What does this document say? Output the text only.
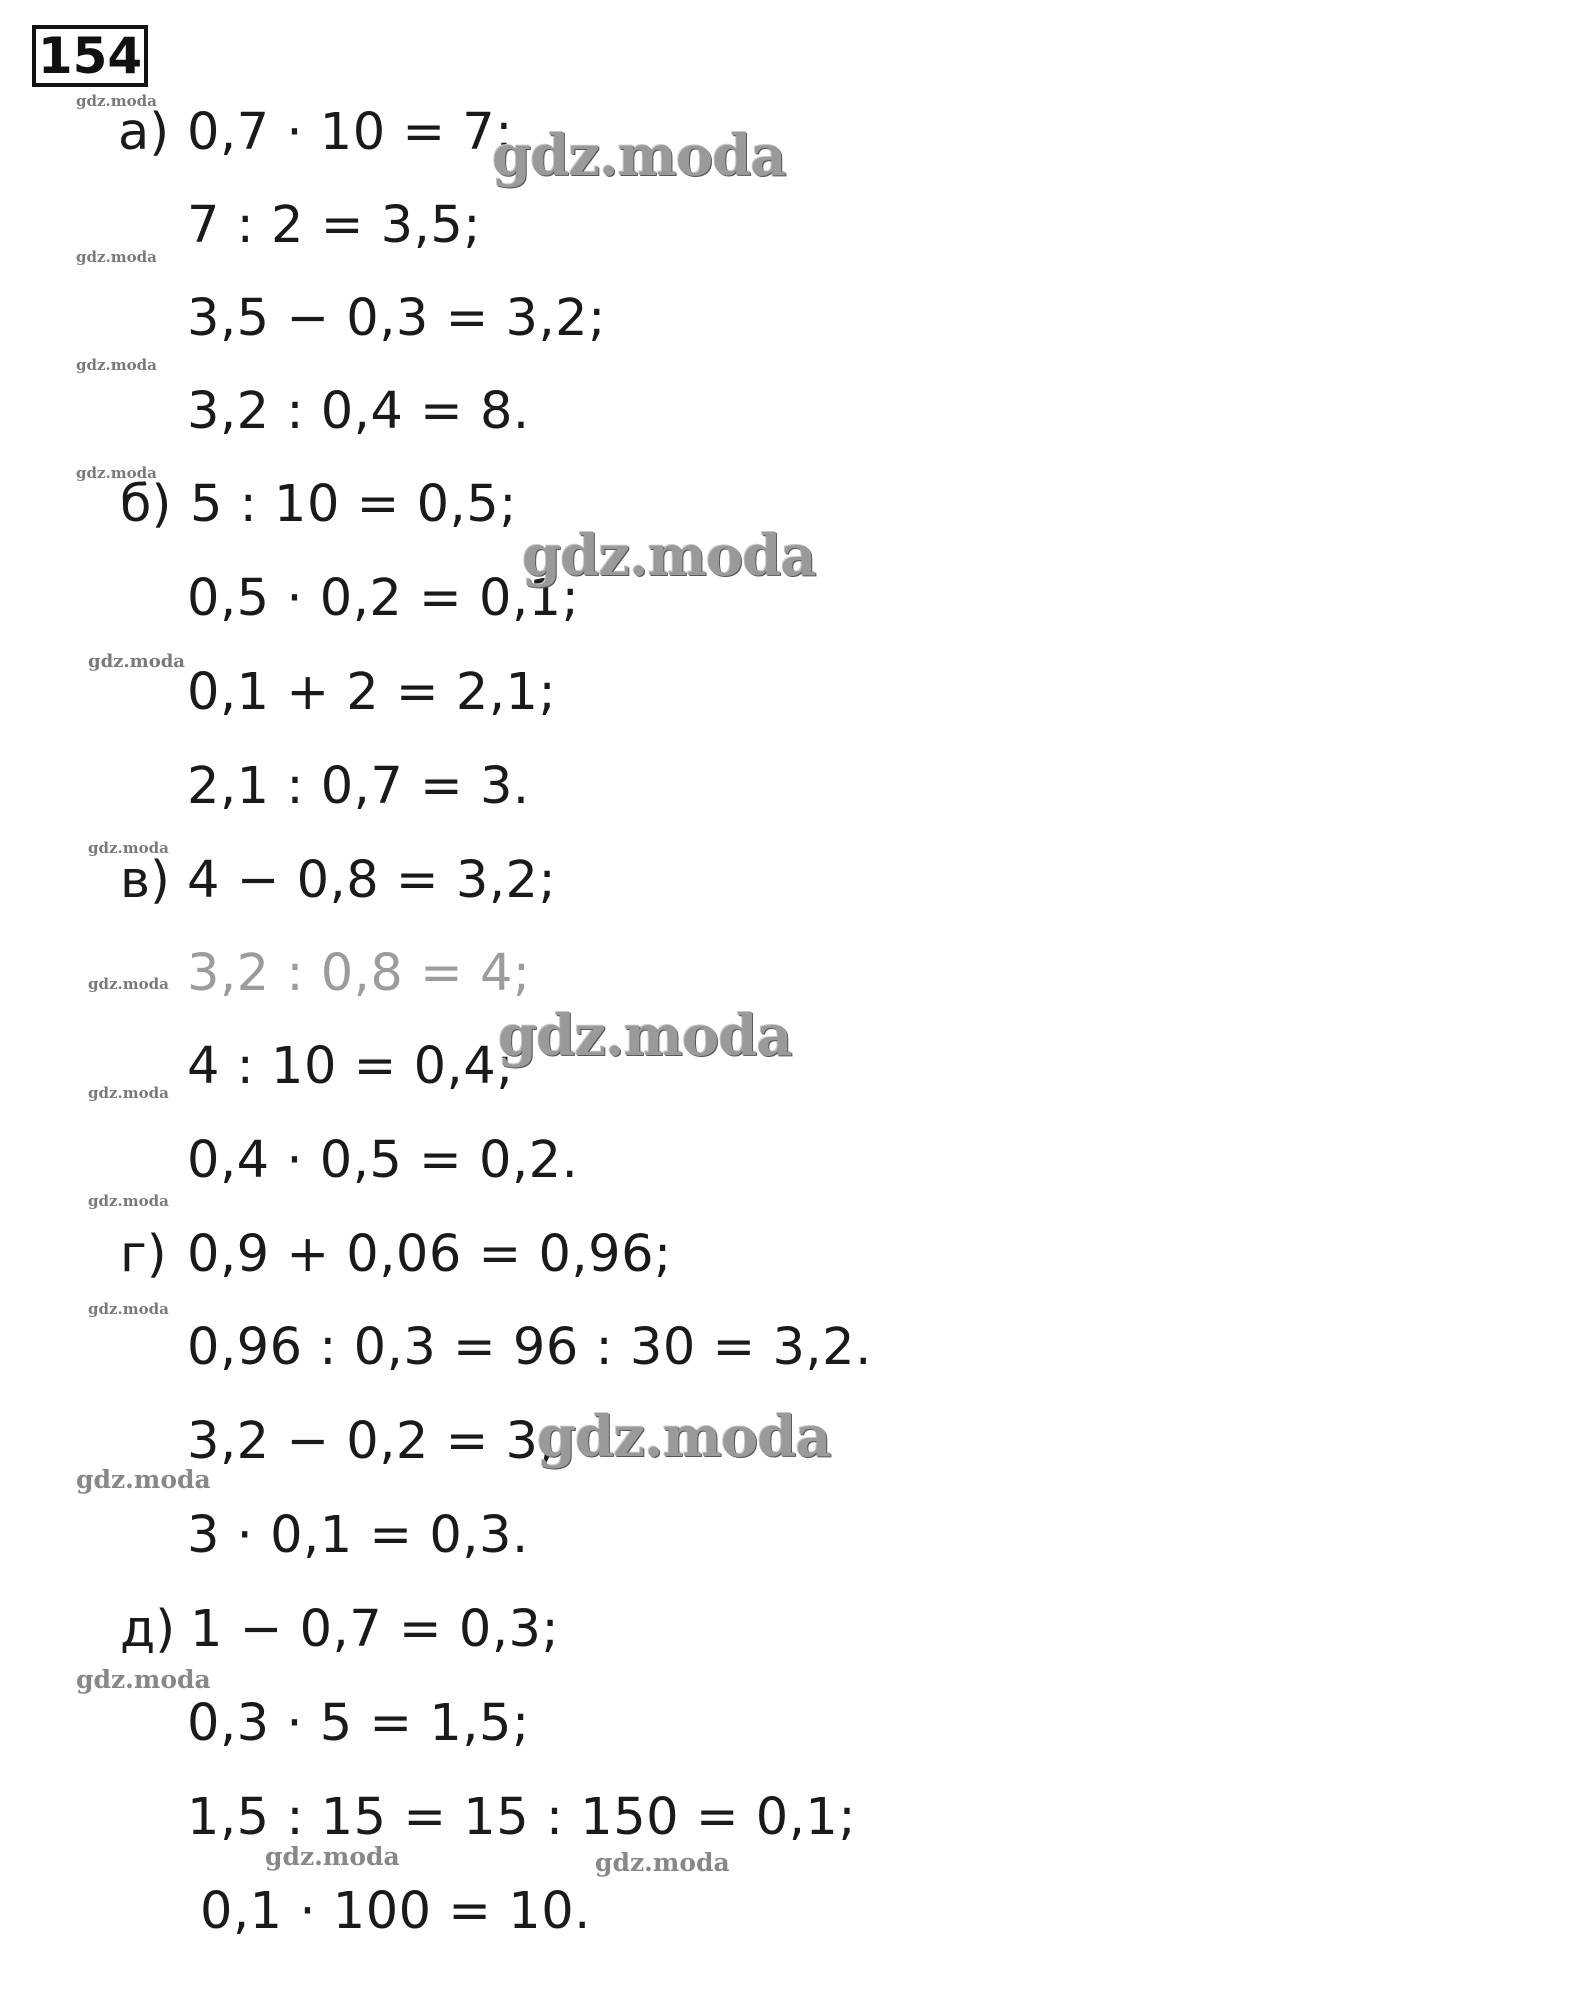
154
а) 0,7 · 10 = 7;
7 : 2 = 3,5;
3,5 − 0,3 = 3,2;
3,2 : 0,4 = 8.
б) 5 : 10 = 0,5;
0,5 · 0,2 = 0,1;
0,1 + 2 = 2,1;
2,1 : 0,7 = 3.
в) 4 − 0,8 = 3,2;
3,2 : 0,8 = 4;
4 : 10 = 0,4;
0,4 · 0,5 = 0,2.
г) 0,9 + 0,06 = 0,96;
0,96 : 0,3 = 96 : 30 = 3,2.
3,2 − 0,2 = 3;
3 · 0,1 = 0,3.
д) 1 − 0,7 = 0,3;
0,3 · 5 = 1,5;
1,5 : 15 = 15 : 150 = 0,1;
0,1 · 100 = 10.
gdz.moda
gdz.moda
gdz.moda
gdz.moda
gdz.moda
gdz.moda
gdz.moda
gdz.moda
gdz.moda
gdz.moda
gdz.moda
gdz.moda
gdz.moda	gdz.moda
gdz.moda
gdz.moda
gdz.moda
gdz.moda
